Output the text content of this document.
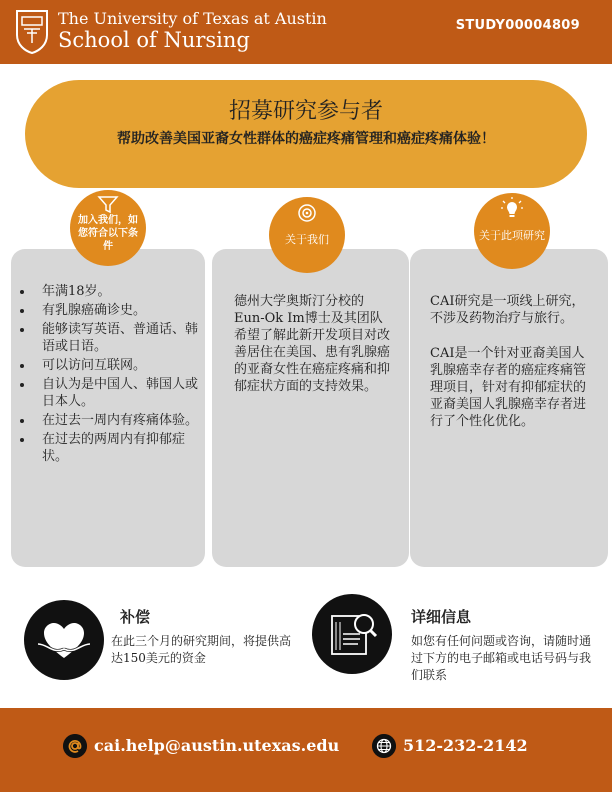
The University of Texas at Austin
School of Nursing
STUDY00004809
招募研究参与者
帮助改善美国亚裔女性群体的癌症疼痛管理和癌症疼痛体验！
加入我们，如您符合以下条件
关于我们	关于此项研究
• 年满18岁。
• 有乳腺癌确诊史。
• 能够读写英语、普通话、韩语或日语。
• 可以访问互联网。
• 自认为是中国人、韩国人或日本人。
• 在过去一周内有疼痛体验。
• 在过去的两周内有抑郁症状。
德州大学奥斯汀分校的Eun-Ok Im博士及其团队希望了解此新开发项目对改善居住在美国、患有乳腺癌的亚裔女性在癌症疼痛和抑郁症状方面的支持效果。

CAI研究是一项线上研究，不涉及药物治疗与旅行。

CAI是一个针对亚裔美国人乳腺癌幸存者的癌症疼痛管理项目，针对有抑郁症状的亚裔美国人乳腺癌幸存者进行了个性化优化。

补偿
在此三个月的研究期间，将提供高达150美元的资金
详细信息
如您有任何问题或咨询，请随时通过下方的电子邮箱或电话号码与我们联系
cai.help@austin.utexas.edu	512-232-2142
